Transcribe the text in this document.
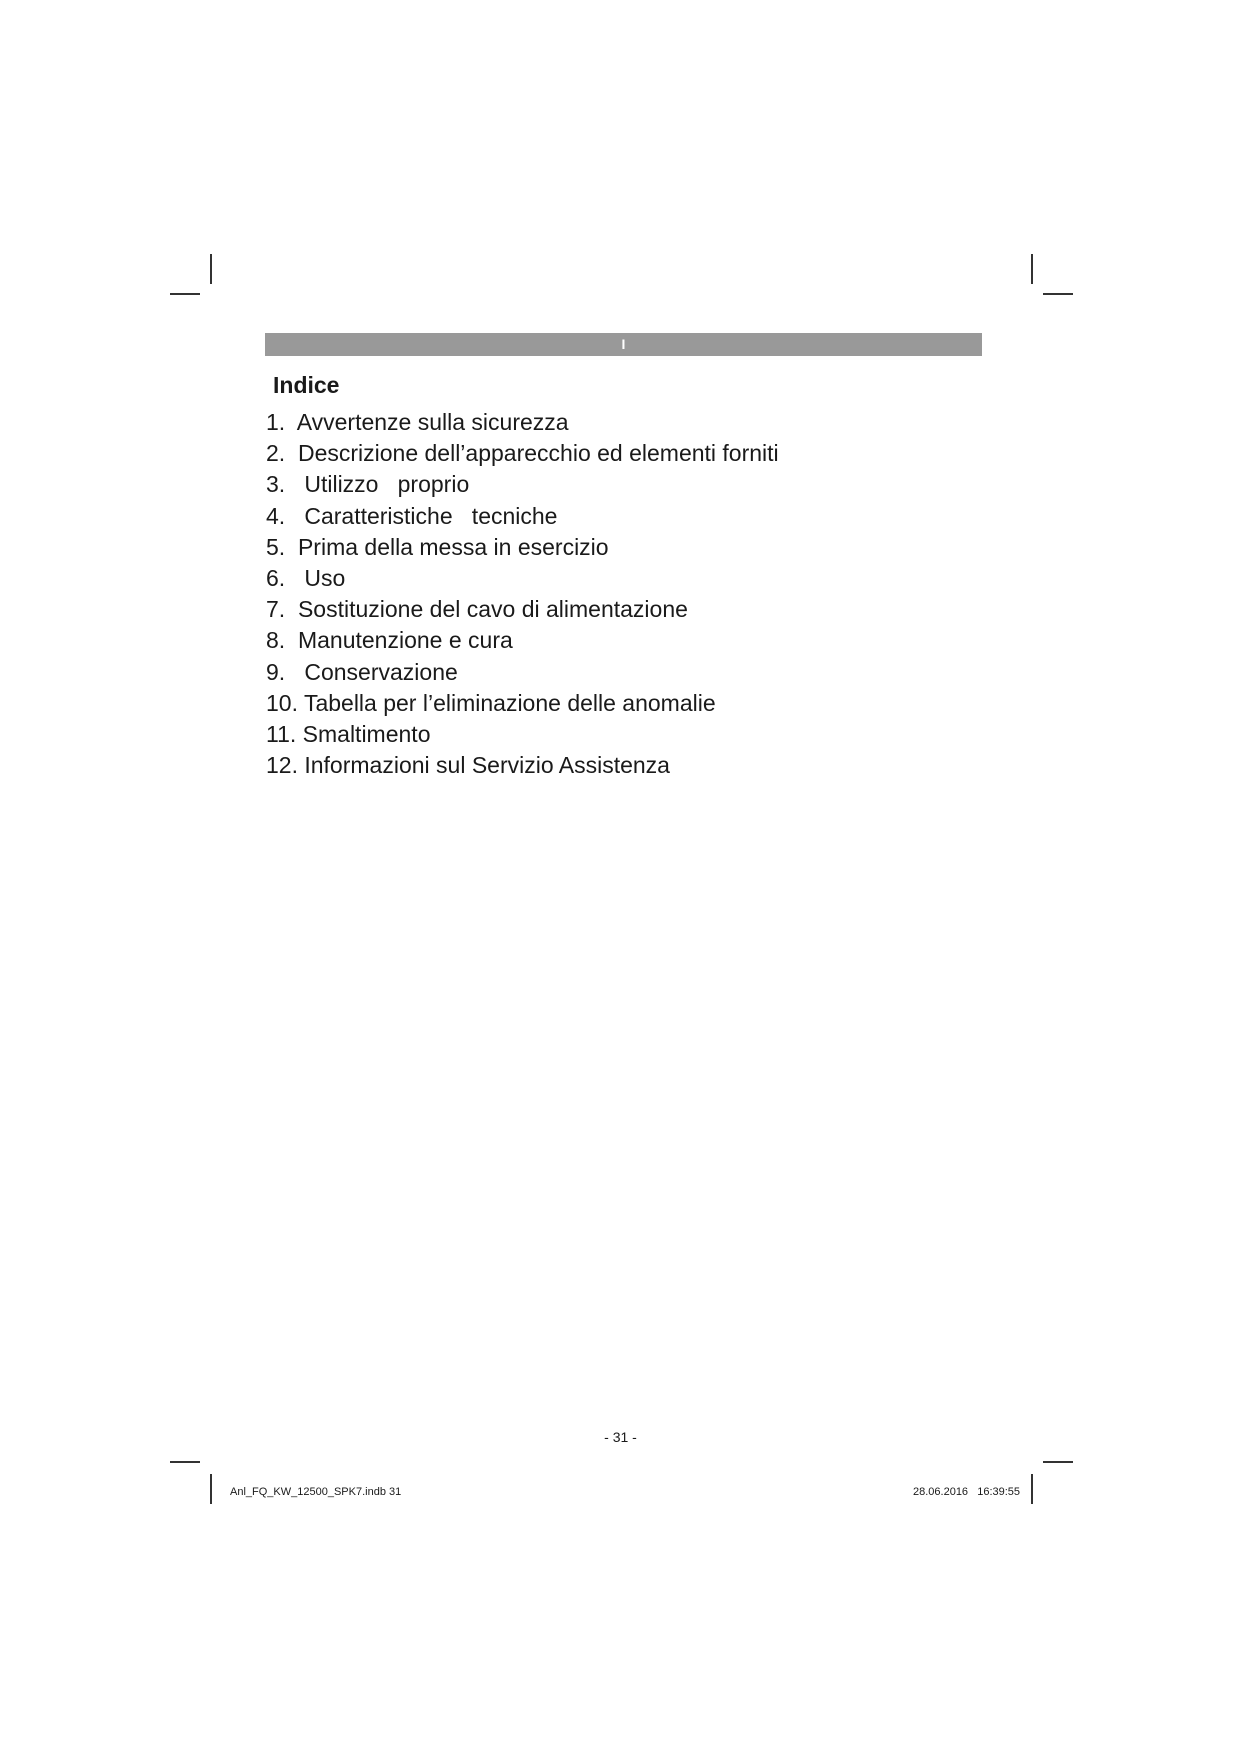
I
Indice
1.  Avvertenze sulla sicurezza
2.  Descrizione dell’apparecchio ed elementi forniti
3.   Utilizzo   proprio
4.   Caratteristiche   tecniche
5.  Prima della messa in esercizio
6.   Uso
7.  Sostituzione del cavo di alimentazione
8.  Manutenzione e cura
9.   Conservazione
10. Tabella per l’eliminazione delle anomalie
11. Smaltimento
12. Informazioni sul Servizio Assistenza
- 31 -
Anl_FQ_KW_12500_SPK7.indb 31	28.06.2016   16:39:55
